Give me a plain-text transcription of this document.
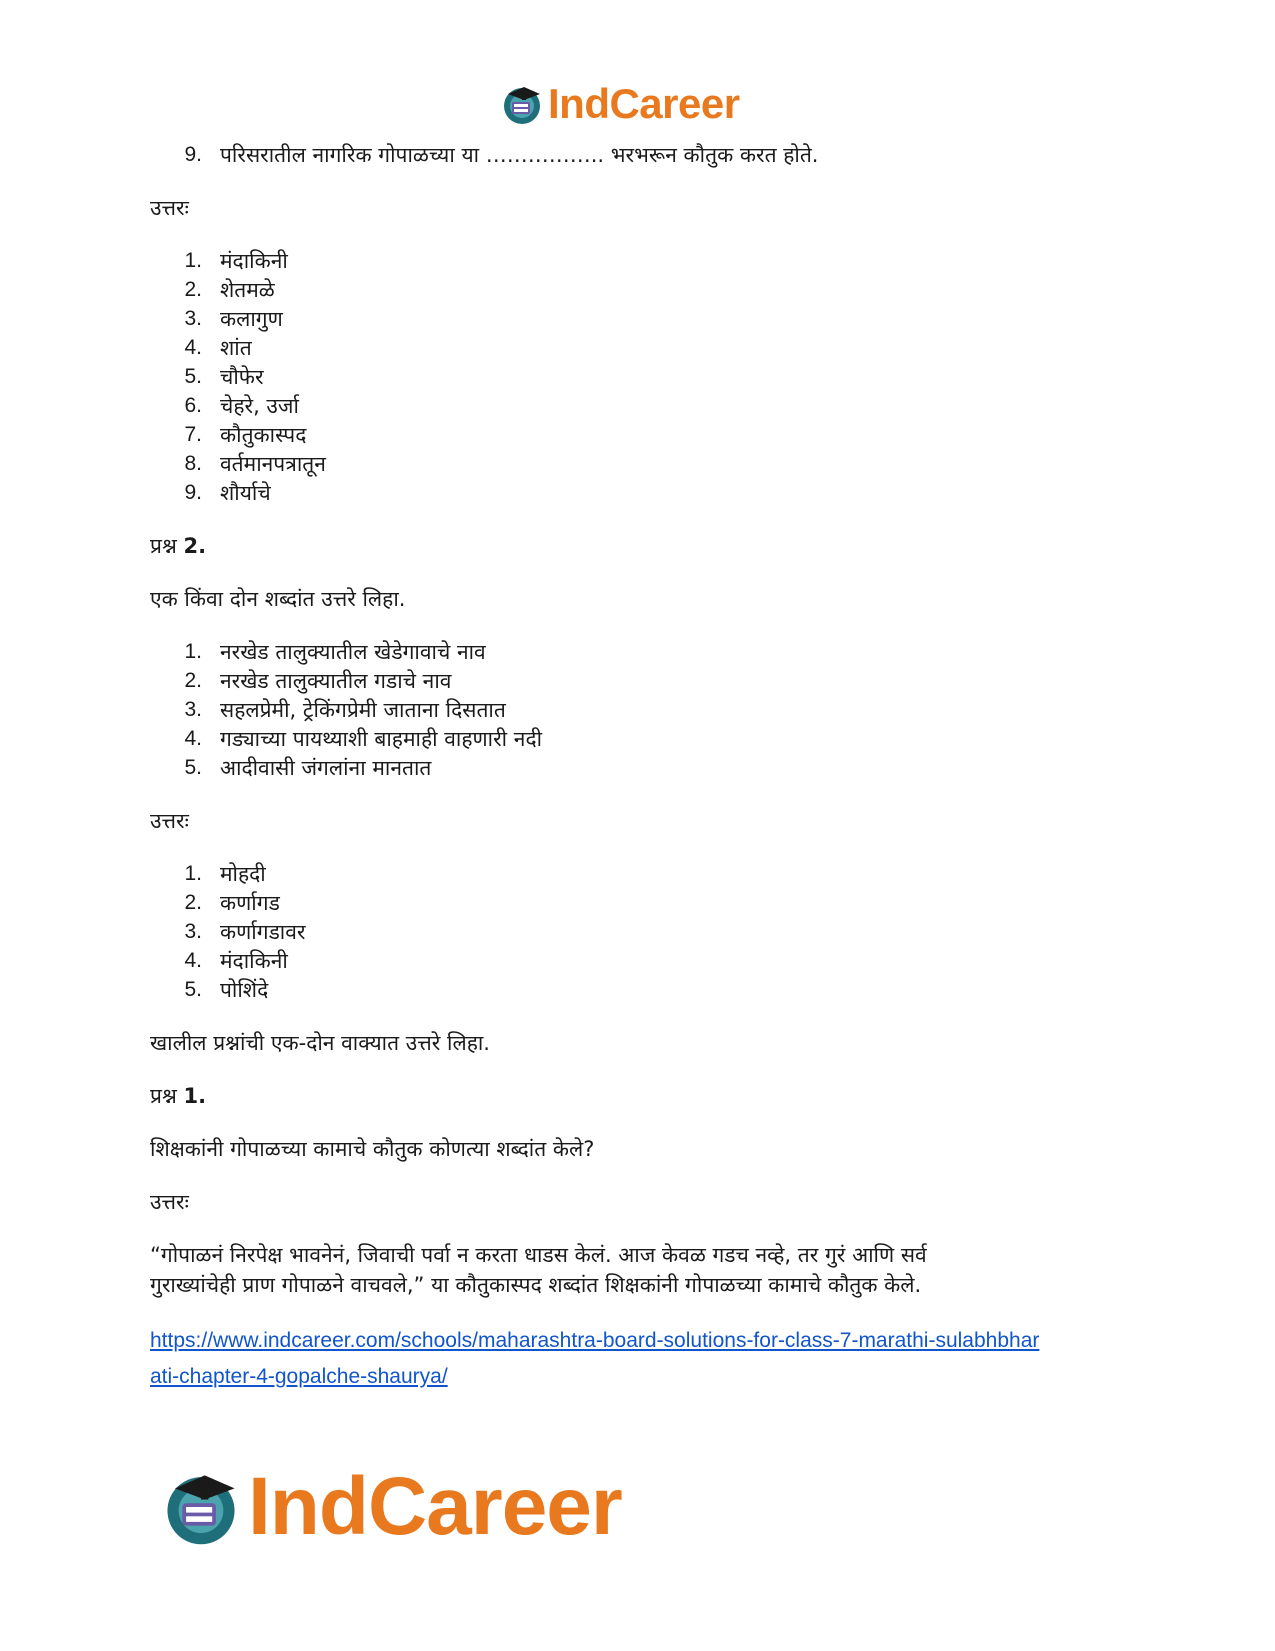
IndCareer
9. परिसरातील नागरिक गोपाळच्या या …………….. भरभरून कौतुक करत होते.
उत्तरः
1. मंदाकिनी
2. शेतमळे
3. कलागुण
4. शांत
5. चौफेर
6. चेहरे, उर्जा
7. कौतुकास्पद
8. वर्तमानपत्रातून
9. शौर्याचे
प्रश्न 2.
एक किंवा दोन शब्दांत उत्तरे लिहा.
1. नरखेड तालुक्यातील खेडेगावाचे नाव
2. नरखेड तालुक्यातील गडाचे नाव
3. सहलप्रेमी, ट्रेकिंगप्रेमी जाताना दिसतात
4. गड्याच्या पायथ्याशी बाहमाही वाहणारी नदी
5. आदीवासी जंगलांना मानतात
उत्तरः
1. मोहदी
2. कर्णागड
3. कर्णागडावर
4. मंदाकिनी
5. पोशिंदे
खालील प्रश्नांची एक-दोन वाक्यात उत्तरे लिहा.
प्रश्न 1.
शिक्षकांनी गोपाळच्या कामाचे कौतुक कोणत्या शब्दांत केले?
उत्तरः
“गोपाळनं निरपेक्ष भावनेनं, जिवाची पर्वा न करता धाडस केलं. आज केवळ गडच नव्हे, तर गुरं आणि सर्व
गुराख्यांचेही प्राण गोपाळने वाचवले,” या कौतुकास्पद शब्दांत शिक्षकांनी गोपाळच्या कामाचे कौतुक केले.
https://www.indcareer.com/schools/maharashtra-board-solutions-for-class-7-marathi-sulabhbhar
ati-chapter-4-gopalche-shaurya/
IndCareer
